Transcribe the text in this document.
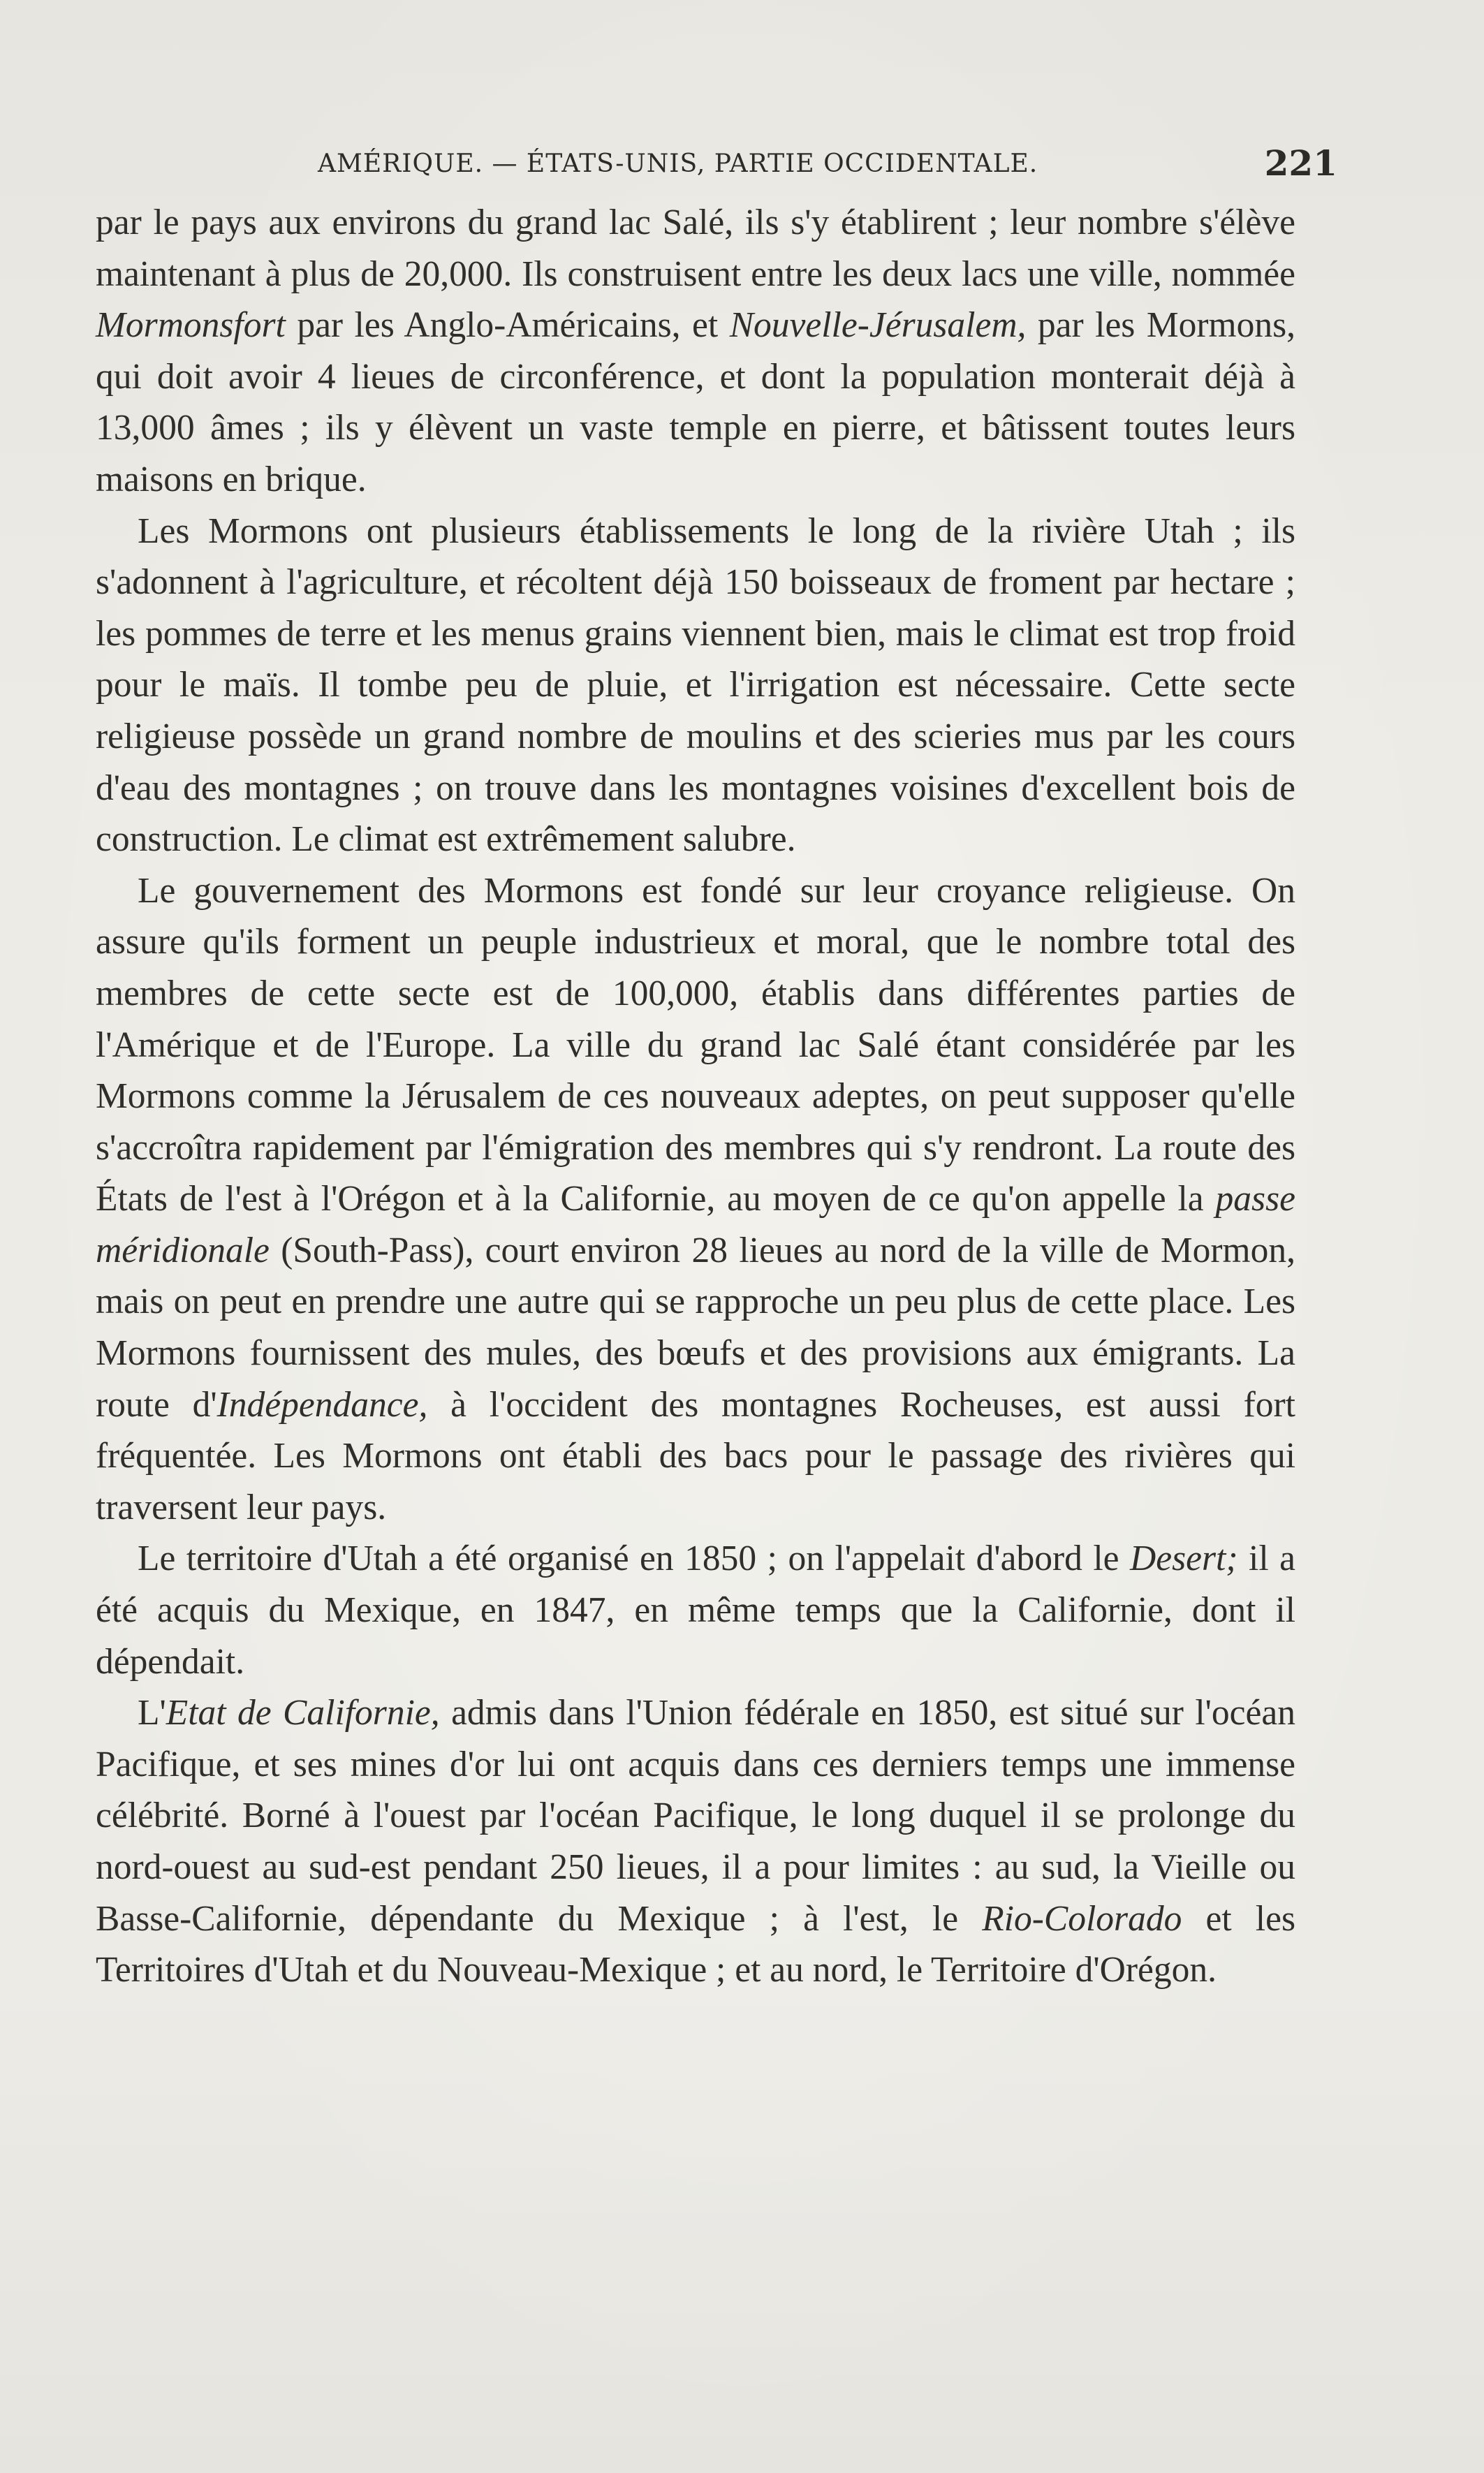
AMÉRIQUE. — ÉTATS-UNIS, PARTIE OCCIDENTALE.	221

par le pays aux environs du grand lac Salé, ils s'y établirent ; leur nombre s'élève maintenant à plus de 20,000. Ils construisent entre les deux lacs une ville, nommée Mormonsfort par les Anglo-Américains, et Nouvelle-Jérusalem, par les Mormons, qui doit avoir 4 lieues de circonférence, et dont la population monterait déjà à 13,000 âmes ; ils y élèvent un vaste temple en pierre, et bâtissent toutes leurs maisons en brique.

Les Mormons ont plusieurs établissements le long de la rivière Utah ; ils s'adonnent à l'agriculture, et récoltent déjà 150 boisseaux de froment par hectare ; les pommes de terre et les menus grains viennent bien, mais le climat est trop froid pour le maïs. Il tombe peu de pluie, et l'irrigation est nécessaire. Cette secte religieuse possède un grand nombre de moulins et des scieries mus par les cours d'eau des montagnes ; on trouve dans les montagnes voisines d'excellent bois de construction. Le climat est extrêmement salubre.

Le gouvernement des Mormons est fondé sur leur croyance religieuse. On assure qu'ils forment un peuple industrieux et moral, que le nombre total des membres de cette secte est de 100,000, établis dans différentes parties de l'Amérique et de l'Europe. La ville du grand lac Salé étant considérée par les Mormons comme la Jérusalem de ces nouveaux adeptes, on peut supposer qu'elle s'accroîtra rapidement par l'émigration des membres qui s'y rendront. La route des États de l'est à l'Orégon et à la Californie, au moyen de ce qu'on appelle la passe méridionale (South-Pass), court environ 28 lieues au nord de la ville de Mormon, mais on peut en prendre une autre qui se rapproche un peu plus de cette place. Les Mormons fournissent des mules, des bœufs et des provisions aux émigrants. La route d'Indépendance, à l'occident des montagnes Rocheuses, est aussi fort fréquentée. Les Mormons ont établi des bacs pour le passage des rivières qui traversent leur pays.

Le territoire d'Utah a été organisé en 1850 ; on l'appelait d'abord le Desert; il a été acquis du Mexique, en 1847, en même temps que la Californie, dont il dépendait.

L'Etat de Californie, admis dans l'Union fédérale en 1850, est situé sur l'océan Pacifique, et ses mines d'or lui ont acquis dans ces derniers temps une immense célébrité. Borné à l'ouest par l'océan Pacifique, le long duquel il se prolonge du nord-ouest au sud-est pendant 250 lieues, il a pour limites : au sud, la Vieille ou Basse-Californie, dépendante du Mexique ; à l'est, le Rio-Colorado et les Territoires d'Utah et du Nouveau-Mexique ; et au nord, le Territoire d'Orégon.
